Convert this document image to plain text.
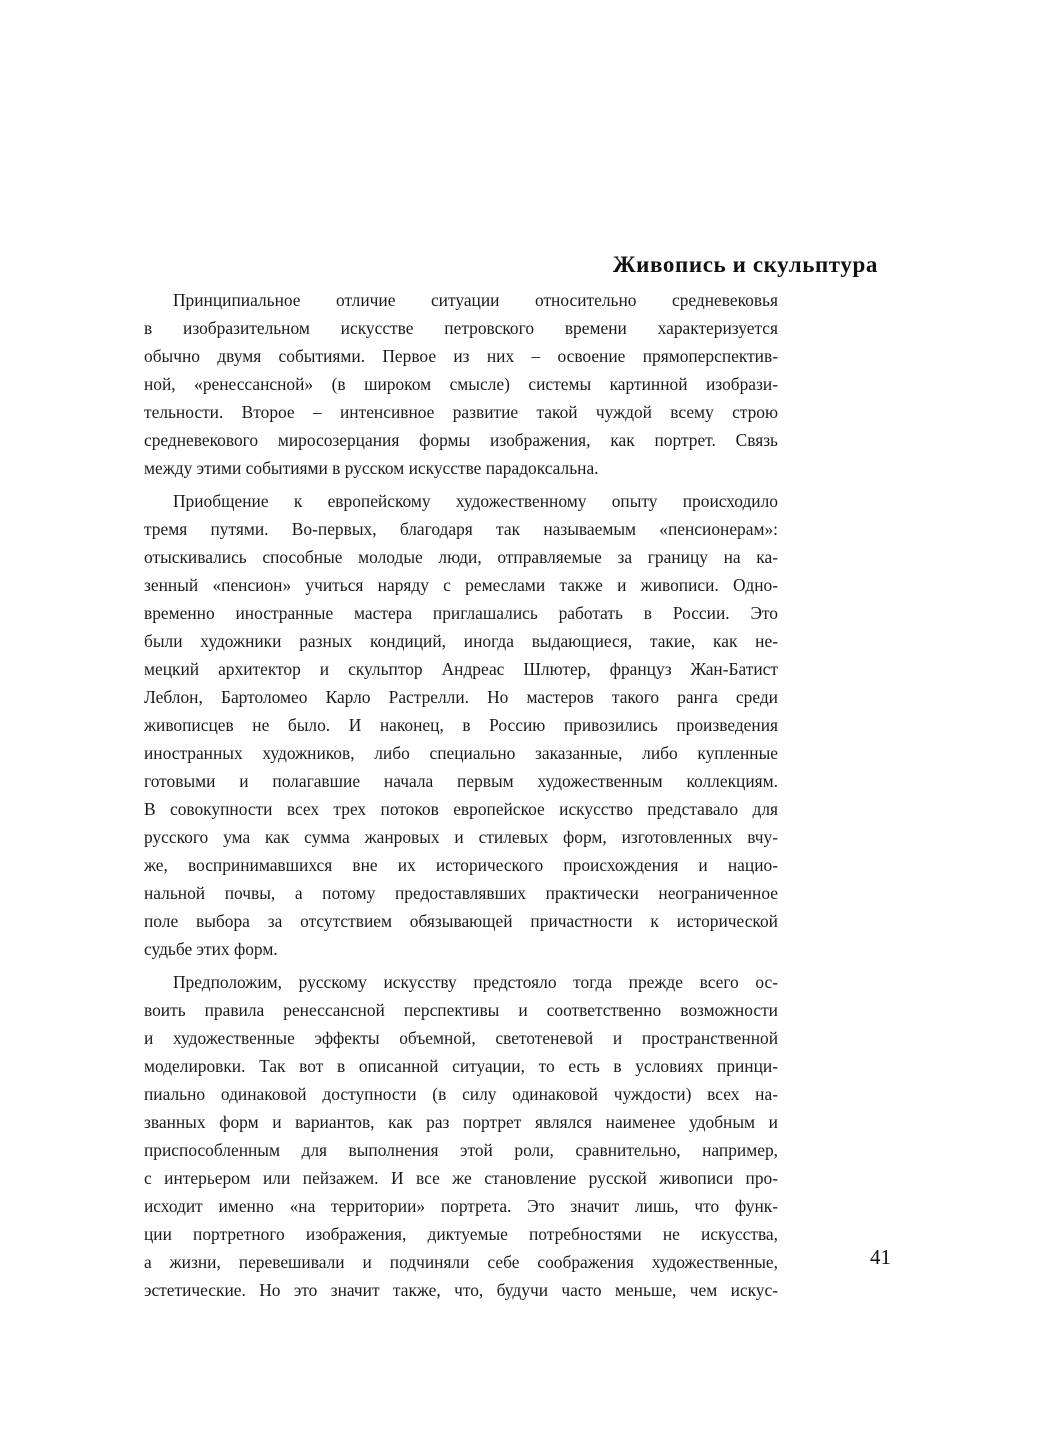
Живопись и скульптура
Принципиальное отличие ситуации относительно средневековья
в изобразительном искусстве петровского времени характеризуется
обычно двумя событиями. Первое из них – освоение прямоперспектив-
ной, «ренессансной» (в широком смысле) системы картинной изобрази-
тельности. Второе – интенсивное развитие такой чуждой всему строю
средневекового миросозерцания формы изображения, как портрет. Связь
между этими событиями в русском искусстве парадоксальна.
Приобщение к европейскому художественному опыту происходило
тремя путями. Во-первых, благодаря так называемым «пенсионерам»:
отыскивались способные молодые люди, отправляемые за границу на ка-
зенный «пенсион» учиться наряду с ремеслами также и живописи. Одно-
временно иностранные мастера приглашались работать в России. Это
были художники разных кондиций, иногда выдающиеся, такие, как не-
мецкий архитектор и скульптор Андреас Шлютер, француз Жан-Батист
Леблон, Бартоломео Карло Растрелли. Но мастеров такого ранга среди
живописцев не было. И наконец, в Россию привозились произведения
иностранных художников, либо специально заказанные, либо купленные
готовыми и полагавшие начала первым художественным коллекциям.
В совокупности всех трех потоков европейское искусство представало для
русского ума как сумма жанровых и стилевых форм, изготовленных вчу-
же, воспринимавшихся вне их исторического происхождения и нацио-
нальной почвы, а потому предоставлявших практически неограниченное
поле выбора за отсутствием обязывающей причастности к исторической
судьбе этих форм.
Предположим, русскому искусству предстояло тогда прежде всего ос-
воить правила ренессансной перспективы и соответственно возможности
и художественные эффекты объемной, светотеневой и пространственной
моделировки. Так вот в описанной ситуации, то есть в условиях принци-
пиально одинаковой доступности (в силу одинаковой чуждости) всех на-
званных форм и вариантов, как раз портрет являлся наименее удобным и
приспособленным для выполнения этой роли, сравнительно, например,
с интерьером или пейзажем. И все же становление русской живописи про-
исходит именно «на территории» портрета. Это значит лишь, что функ-
ции портретного изображения, диктуемые потребностями не искусства,
а жизни, перевешивали и подчиняли себе соображения художественные,
эстетические. Но это значит также, что, будучи часто меньше, чем искус-
41
